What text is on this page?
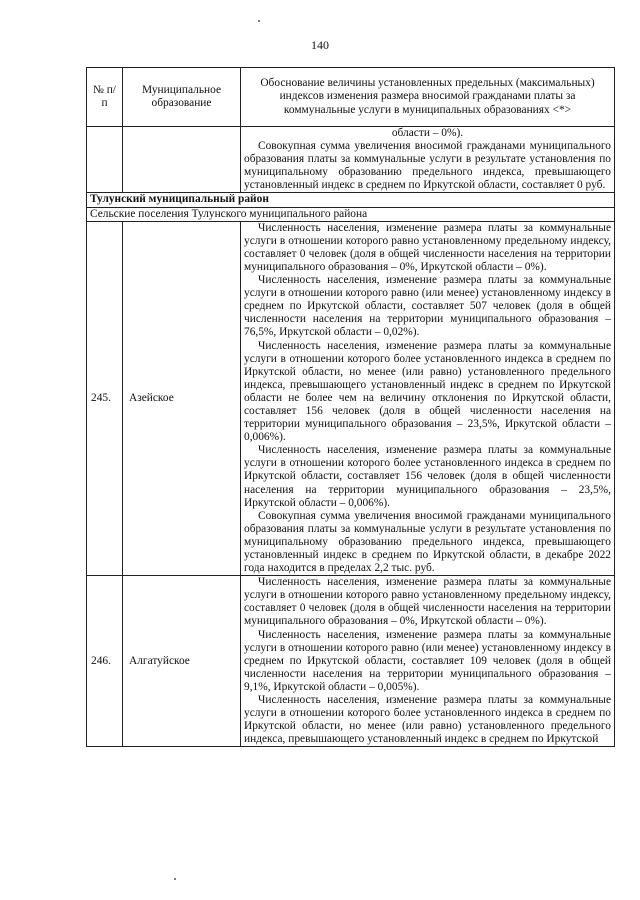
140
№ п/п	Муниципальное образование	Обоснование величины установленных предельных (максимальных) индексов изменения размера вносимой гражданами платы за коммунальные услуги в муниципальных образованиях <*>

		области – 0%).

Совокупная сумма увеличения вносимой гражданами муниципального образования платы за коммунальные услуги в результате установления по муниципальному образованию предельного индекса, превышающего установленный индекс в среднем по Иркутской области, составляет 0 руб.

Тулунский муниципальный район		
Сельские поселения Тулунского муниципального района		
245.	Азейское	Численность населения, изменение размера платы за коммунальные услуги в отношении которого равно установленному предельному индексу, составляет 0 человек (доля в общей численности населения на территории муниципального образования – 0%, Иркутской области – 0%).

Численность населения, изменение размера платы за коммунальные услуги в отношении которого равно (или менее) установленному индексу в среднем по Иркутской области, составляет 507 человек (доля в общей численности населения на территории муниципального образования – 76,5%, Иркутской области – 0,02%).

Численность населения, изменение размера платы за коммунальные услуги в отношении которого более установленного индекса в среднем по Иркутской области, но менее (или равно) установленного предельного индекса, превышающего установленный индекс в среднем по Иркутской области не более чем на величину отклонения по Иркутской области, составляет 156 человек (доля в общей численности населения на территории муниципального образования – 23,5%, Иркутской области – 0,006%).

Численность населения, изменение размера платы за коммунальные услуги в отношении которого более установленного индекса в среднем по Иркутской области, составляет 156 человек (доля в общей численности населения на территории муниципального образования – 23,5%, Иркутской области – 0,006%).

Совокупная сумма увеличения вносимой гражданами муниципального образования платы за коммунальные услуги в результате установления по муниципальному образованию предельного индекса, превышающего установленный индекс в среднем по Иркутской области, в декабре 2022 года находится в пределах 2,2 тыс. руб.

246.	Алгатуйское	Численность населения, изменение размера платы за коммунальные услуги в отношении которого равно установленному предельному индексу, составляет 0 человек (доля в общей численности населения на территории муниципального образования – 0%, Иркутской области – 0%).

Численность населения, изменение размера платы за коммунальные услуги в отношении которого равно (или менее) установленному индексу в среднем по Иркутской области, составляет 109 человек (доля в общей численности населения на территории муниципального образования – 9,1%, Иркутской области – 0,005%).

Численность населения, изменение размера платы за коммунальные услуги в отношении которого более установленного индекса в среднем по Иркутской области, но менее (или равно) установленного предельного индекса, превышающего установленный индекс в среднем по Иркутской
